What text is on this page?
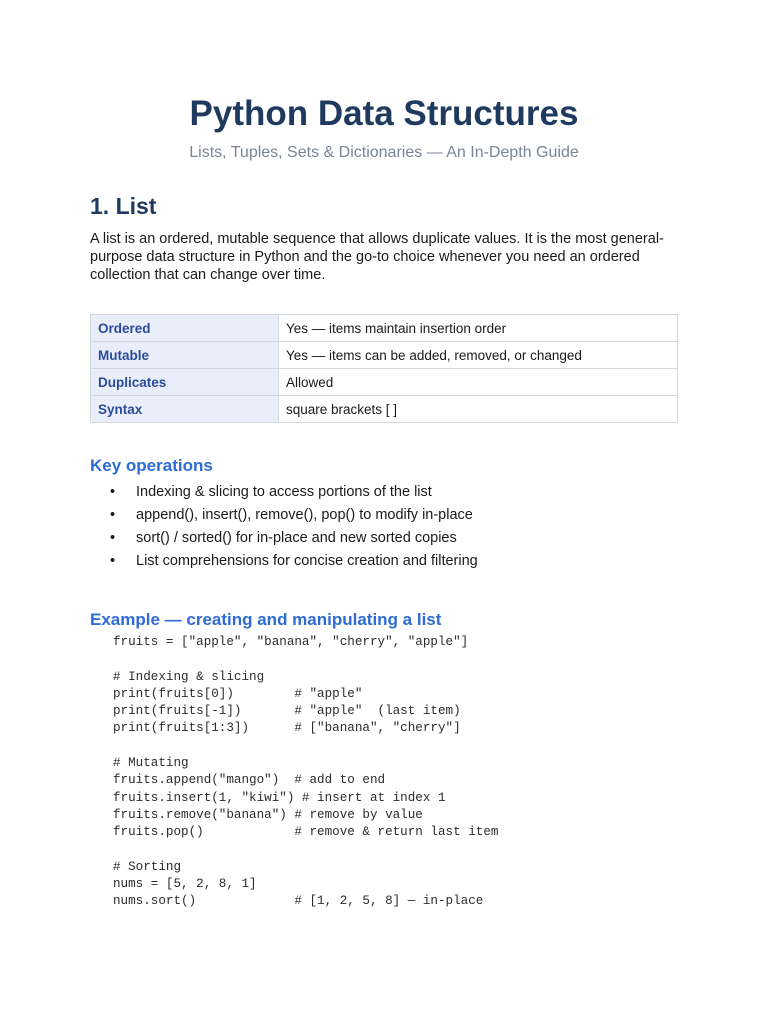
Python Data Structures
Lists, Tuples, Sets & Dictionaries — An In-Depth Guide
1. List

A list is an ordered, mutable sequence that allows duplicate values. It is the most general-purpose data structure in Python and the go-to choice whenever you need an ordered collection that can change over time.

Ordered	Yes — items maintain insertion order
Mutable	Yes — items can be added, removed, or changed
Duplicates	Allowed
Syntax	square brackets [ ]
Key operations
• Indexing & slicing to access portions of the list
• append(), insert(), remove(), pop() to modify in-place
• sort() / sorted() for in-place and new sorted copies
• List comprehensions for concise creation and filtering
Example — creating and manipulating a list
fruits = ["apple", "banana", "cherry", "apple"]

# Indexing & slicing
print(fruits[0])        # "apple"
print(fruits[-1])       # "apple"  (last item)
print(fruits[1:3])      # ["banana", "cherry"]

# Mutating
fruits.append("mango")  # add to end
fruits.insert(1, "kiwi") # insert at index 1
fruits.remove("banana") # remove by value
fruits.pop()            # remove & return last item

# Sorting
nums = [5, 2, 8, 1]
nums.sort()             # [1, 2, 5, 8] — in-place
